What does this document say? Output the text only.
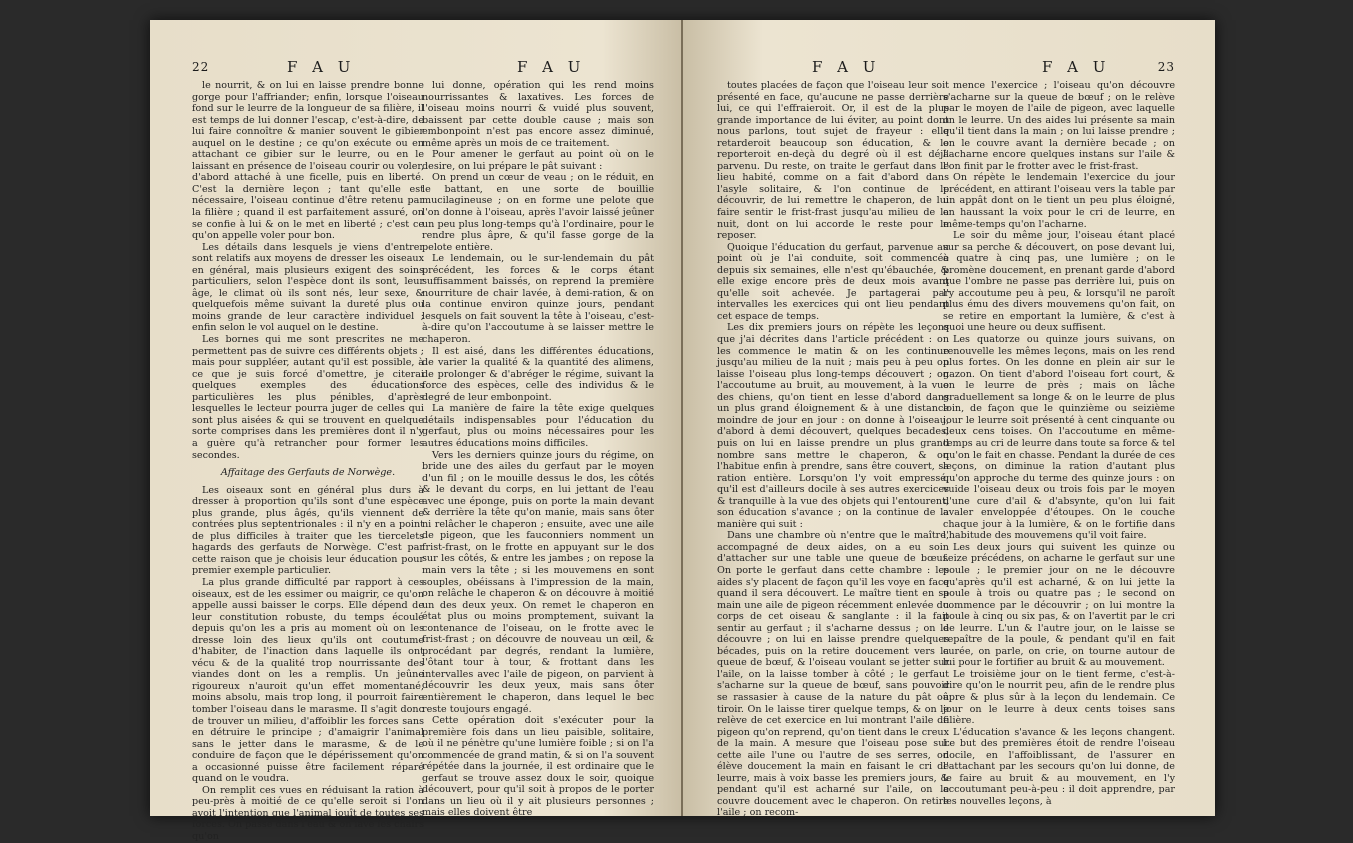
22	F A U	F A U

le nourrit, & on lui en laisse prendre bonne gorge pour l'affriander; enfin, lorsque l'oiseau fond sur le leurre de la longueur de sa filière, il est temps de lui donner l'escap, c'est-à-dire, de lui faire connoître & manier souvent le gibier auquel on le destine ; ce qu'on exécute ou en attachant ce gibier sur le leurre, ou en le laissant en présence de l'oiseau courir ou voler, d'abord attaché à une ficelle, puis en liberté. C'est la dernière leçon ; tant qu'elle est nécessaire, l'oiseau continue d'être retenu par la filière ; quand il est parfaitement assuré, on se confie à lui & on le met en liberté ; c'est ce qu'on appelle voler pour bon.

Les détails dans lesquels je viens d'entrer sont relatifs aux moyens de dresser les oiseaux en général, mais plusieurs exigent des soins particuliers, selon l'espèce dont ils sont, leur âge, le climat où ils sont nés, leur sexe, & quelquefois même suivant la dureté plus ou moins grande de leur caractère individuel ; enfin selon le vol auquel on le destine.

Les bornes qui me sont prescrites ne me permettent pas de suivre ces différents objets ; mais pour suppléer, autant qu'il est possible, à ce que je suis forcé d'omettre, je citerai quelques exemples des éducations particulières les plus pénibles, d'après lesquelles le lecteur pourra juger de celles qui sont plus aisées & qui se trouvent en quelque sorte comprises dans les premières dont il n'y a guère qu'à retrancher pour former les secondes.

Affaitage des Gerfauts de Norwège.

Les oiseaux sont en général plus durs à dresser à proportion qu'ils sont d'une espèce plus grande, plus âgés, qu'ils viennent de contrées plus septentrionales : il n'y en a point de plus difficiles à traiter que les tiercelets hagards des gerfauts de Norwège. C'est par cette raison que je choisis leur éducation pour premier exemple particulier.

La plus grande difficulté par rapport à ces oiseaux, est de les essimer ou maigrir, ce qu'on appelle aussi baisser le corps. Elle dépend de leur constitution robuste, du temps écoulé depuis qu'on les a pris au moment où on les dresse loin des lieux qu'ils ont coutume d'habiter, de l'inaction dans laquelle ils ont vécu & de la qualité trop nourrissante des viandes dont on les a remplis. Un jeûne rigoureux n'auroit qu'un effet momentané, moins absolu, mais trop long, il pourroit faire tomber l'oiseau dans le marasme. Il s'agit donc de trouver un milieu, d'affoiblir les forces sans en détruire le principe ; d'amaigrir l'animal sans le jetter dans le marasme, & de le conduire de façon que le dépérissement qu'on a occasionné puisse être facilement réparé quand on le voudra.

On remplit ces vues en réduisant la ration à peu-près à moitié de ce qu'elle seroit si l'on avoit l'intention que l'animal jouît de toutes ses forces. On passe dans l'eau & on lave les chairs qu'on

lui donne, opération qui les rend moins nourrissantes & laxatives. Les forces de l'oiseau moins nourri & vuidé plus souvent, baissent par cette double cause ; mais son embonpoint n'est pas encore assez diminué, même après un mois de ce traitement.

Pour amener le gerfaut au point où on le desire, on lui prépare le pât suivant :

On prend un cœur de veau ; on le réduit, en le battant, en une sorte de bouillie mucilagineuse ; on en forme une pelote que l'on donne à l'oiseau, après l'avoir laissé jeûner un peu plus long-temps qu'à l'ordinaire, pour le rendre plus âpre, & qu'il fasse gorge de la pelote entière.

Le lendemain, ou le sur-lendemain du pât précédent, les forces & le corps étant suffisamment baissés, on reprend la première nourriture de chair lavée, à demi-ration, & on la continue environ quinze jours, pendant lesquels on fait souvent la tête à l'oiseau, c'est-à-dire qu'on l'accoutume à se laisser mettre le chaperon.

Il est aisé, dans les différentes éducations, de varier la qualité & la quantité des alimens, de prolonger & d'abréger le régime, suivant la force des espèces, celle des individus & le degré de leur embonpoint.

La manière de faire la tête exige quelques détails indispensables pour l'éducation du gerfaut, plus ou moins nécessaires pour les autres éducations moins difficiles.

Vers les derniers quinze jours du régime, on bride une des ailes du gerfaut par le moyen d'un fil ; on le mouille dessus le dos, les côtés & le devant du corps, en lui jettant de l'eau avec une éponge, puis on porte la main devant & derrière la tête qu'on manie, mais sans ôter ni relâcher le chaperon ; ensuite, avec une aile de pigeon, que les fauconniers nomment un frist-frast, on le frotte en appuyant sur le dos sur les côtés, & entre les jambes ; on repose la main vers la tête ; si les mouvemens en sont souples, obéissans à l'impression de la main, on relâche le chaperon & on découvre à moitié un des deux yeux. On remet le chaperon en état plus ou moins promptement, suivant la contenance de l'oiseau, on le frotte avec le frist-frast ; on découvre de nouveau un œil, & procédant par degrés, rendant la lumière, l'ôtant tour à tour, & frottant dans les intervalles avec l'aile de pigeon, on parvient à découvrir les deux yeux, mais sans ôter entièrement le chaperon, dans lequel le bec reste toujours engagé.

Cette opération doit s'exécuter pour la première fois dans un lieu paisible, solitaire, où il ne pénètre qu'une lumière foible ; si on l'a commencée de grand matin, & si on l'a souvent répétée dans la journée, il est ordinaire que le gerfaut se trouve assez doux le soir, quoique découvert, pour qu'il soit à propos de le porter dans un lieu où il y ait plusieurs personnes ; mais elles doivent être

F A U	F A U	23

toutes placées de façon que l'oiseau leur soit présenté en face, qu'aucune ne passe derrière lui, ce qui l'effraieroit. Or, il est de la plus grande importance de lui éviter, au point dont nous parlons, tout sujet de frayeur : elle retarderoit beaucoup son éducation, & le reporteroit en-deçà du degré où il est déjà parvenu. Du reste, on traite le gerfaut dans le lieu habité, comme on a fait d'abord dans l'asyle solitaire, & l'on continue de le découvrir, de lui remettre le chaperon, de lui faire sentir le frist-frast jusqu'au milieu de la nuit, dont on lui accorde le reste pour le reposer.

Quoique l'éducation du gerfaut, parvenue au point où je l'ai conduite, soit commencée depuis six semaines, elle n'est qu'ébauchée, & elle exige encore près de deux mois avant qu'elle soit achevée. Je partagerai par intervalles les exercices qui ont lieu pendant cet espace de temps.

Les dix premiers jours on répète les leçons que j'ai décrites dans l'article précédent : on les commence le matin & on les continue jusqu'au milieu de la nuit ; mais peu à peu on laisse l'oiseau plus long-temps découvert ; on l'accoutume au bruit, au mouvement, à la vue des chiens, qu'on tient en lesse d'abord dans un plus grand éloignement & à une distance moindre de jour en jour : on donne à l'oiseau, d'abord à demi découvert, quelques becades, puis on lui en laisse prendre un plus grand nombre sans mettre le chaperon, & on l'habitue enfin à prendre, sans être couvert, sa ration entière. Lorsqu'on l'y voit empressé, qu'il est d'ailleurs docile à ses autres exercices & tranquille à la vue des objets qui l'entourent, son éducation s'avance ; on la continue de la manière qui suit :

Dans une chambre où n'entre que le maître, accompagné de deux aides, on a eu soin d'attacher sur une table une queue de bœuf. On porte le gerfaut dans cette chambre : les aides s'y placent de façon qu'il les voye en face quand il sera découvert. Le maître tient en sa main une aile de pigeon récemment enlevée du corps de cet oiseau & sanglante : il la fait sentir au gerfaut ; il s'acharne dessus ; on le découvre ; on lui en laisse prendre quelques bécades, puis on la retire doucement vers la queue de bœuf, & l'oiseau voulant se jetter sur l'aile, on la laisse tomber à côté ; le gerfaut s'acharne sur la queue de bœuf, sans pouvoir se rassasier à cause de la nature du pât ou tiroir. On le laisse tirer quelque temps, & on le relève de cet exercice en lui montrant l'aile de pigeon qu'on reprend, qu'on tient dans le creux de la main. A mesure que l'oiseau pose sur cette aile l'une ou l'autre de ses serres, on élève doucement la main en faisant le cri de leurre, mais à voix basse les premiers jours, & pendant qu'il est acharné sur l'aile, on le couvre doucement avec le chaperon. On retire l'aile ; on recom-

mence l'exercice ; l'oiseau qu'on découvre s'acharne sur la queue de bœuf ; on le relève par le moyen de l'aile de pigeon, avec laquelle on le leurre. Un des aides lui présente sa main qu'il tient dans la main ; on lui laisse prendre ; on le couvre avant la dernière becade ; on l'acharne encore quelques instans sur l'aile & l'on finit par le frotter avec le frist-frast.

On répète le lendemain l'exercice du jour précédent, en attirant l'oiseau vers la table par un appât dont on le tient un peu plus éloigné, en haussant la voix pour le cri de leurre, en même-temps qu'on l'acharne.

Le soir du même jour, l'oiseau étant placé sur sa perche & découvert, on pose devant lui, à quatre à cinq pas, une lumière ; on le promène doucement, en prenant garde d'abord que l'ombre ne passe pas derrière lui, puis on l'y accoutume peu à peu, & lorsqu'il ne paroît plus ému des divers mouvemens qu'on fait, on se retire en emportant la lumière, & c'est à quoi une heure ou deux suffisent.

Les quatorze ou quinze jours suivans, on renouvelle les mêmes leçons, mais on les rend plus fortes. On les donne en plein air sur le gazon. On tient d'abord l'oiseau fort court, & on le leurre de près ; mais on lâche graduellement sa longe & on le leurre de plus loin, de façon que le quinzième ou seizième jour le leurre soit présenté à cent cinquante ou deux cens toises. On l'accoutume en même-temps au cri de leurre dans toute sa force & tel qu'on le fait en chasse. Pendant la durée de ces leçons, on diminue la ration d'autant plus qu'on approche du terme des quinze jours : on vuide l'oiseau deux ou trois fois par le moyen d'une cure d'ail & d'absynte, qu'on lui fait avaler enveloppée d'étoupes. On le couche chaque jour à la lumière, & on le fortifie dans l'habitude des mouvemens qu'il voit faire.

Les deux jours qui suivent les quinze ou seize précédens, on acharne le gerfaut sur une poule ; le premier jour on ne le découvre qu'après qu'il est acharné, & on lui jette la poule à trois ou quatre pas ; le second on commence par le découvrir ; on lui montre la poule à cinq ou six pas, & on l'avertit par le cri de leurre. L'un & l'autre jour, on le laisse se repaître de la poule, & pendant qu'il en fait curée, on parle, on crie, on tourne autour de lui pour le fortifier au bruit & au mouvement.

Le troisième jour on le tient ferme, c'est-à-dire qu'on le nourrit peu, afin de le rendre plus âpre & plus sûr à la leçon du lendemain. Ce jour on le leurre à deux cents toises sans filière.

L'éducation s'avance & les leçons changent. Le but des premières étoit de rendre l'oiseau docile, en l'affoiblissant, de l'assurer en l'attachant par les secours qu'on lui donne, de le faire au bruit & au mouvement, en l'y accoutumant peu-à-peu : il doit apprendre, par les nouvelles leçons, à
